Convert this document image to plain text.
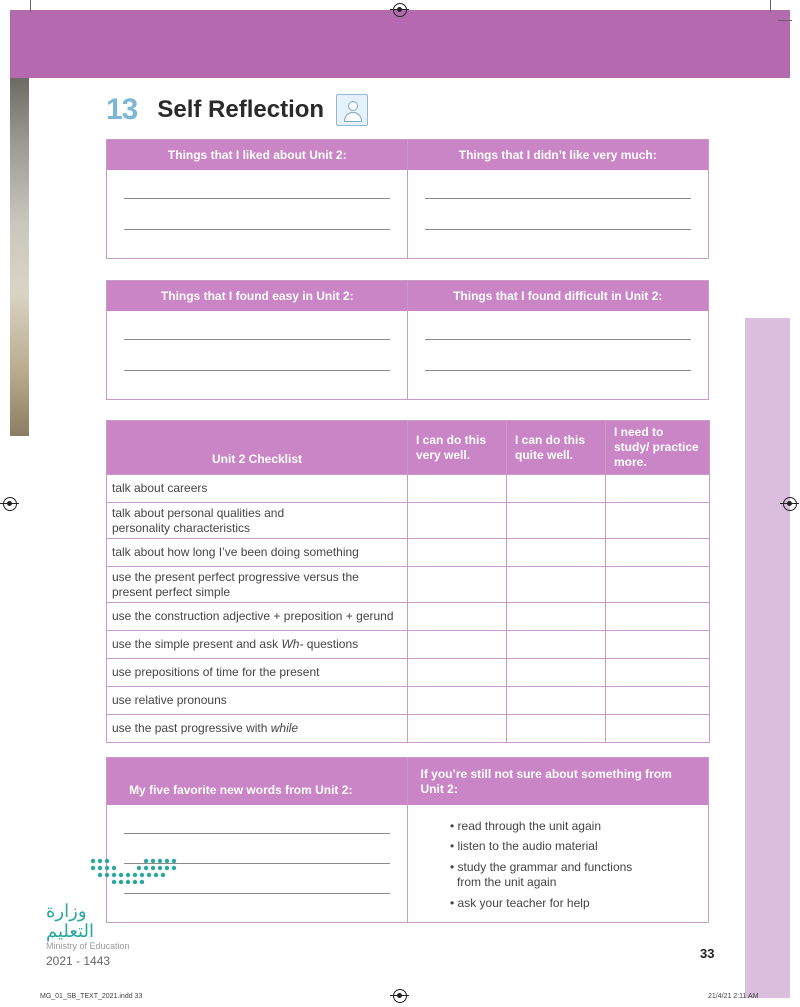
13 Self Reflection
Things that I liked about Unit 2:	Things that I didn’t like very much:
Things that I found easy in Unit 2:	Things that I found difficult in Unit 2:
Unit 2 Checklist	I can do this very well.	I can do this quite well.	I need to study/ practice more.
talk about careers			
talk about personal qualities and personality characteristics			
talk about how long I’ve been doing something			
use the present perfect progressive versus the present perfect simple			
use the construction adjective + preposition + gerund			
use the simple present and ask Wh- questions			
use prepositions of time for the present			
use relative pronouns			
use the past progressive with while			
My five favorite new words from Unit 2:
If you’re still not sure about something from Unit 2:
• read through the unit again
• listen to the audio material
• study the grammar and functions from the unit again
• ask your teacher for help
وزارة التعليم
Ministry of Education
2021 - 1443	33
MG_01_SB_TEXT_2021.indd 33	21/4/21 2:11 AM
